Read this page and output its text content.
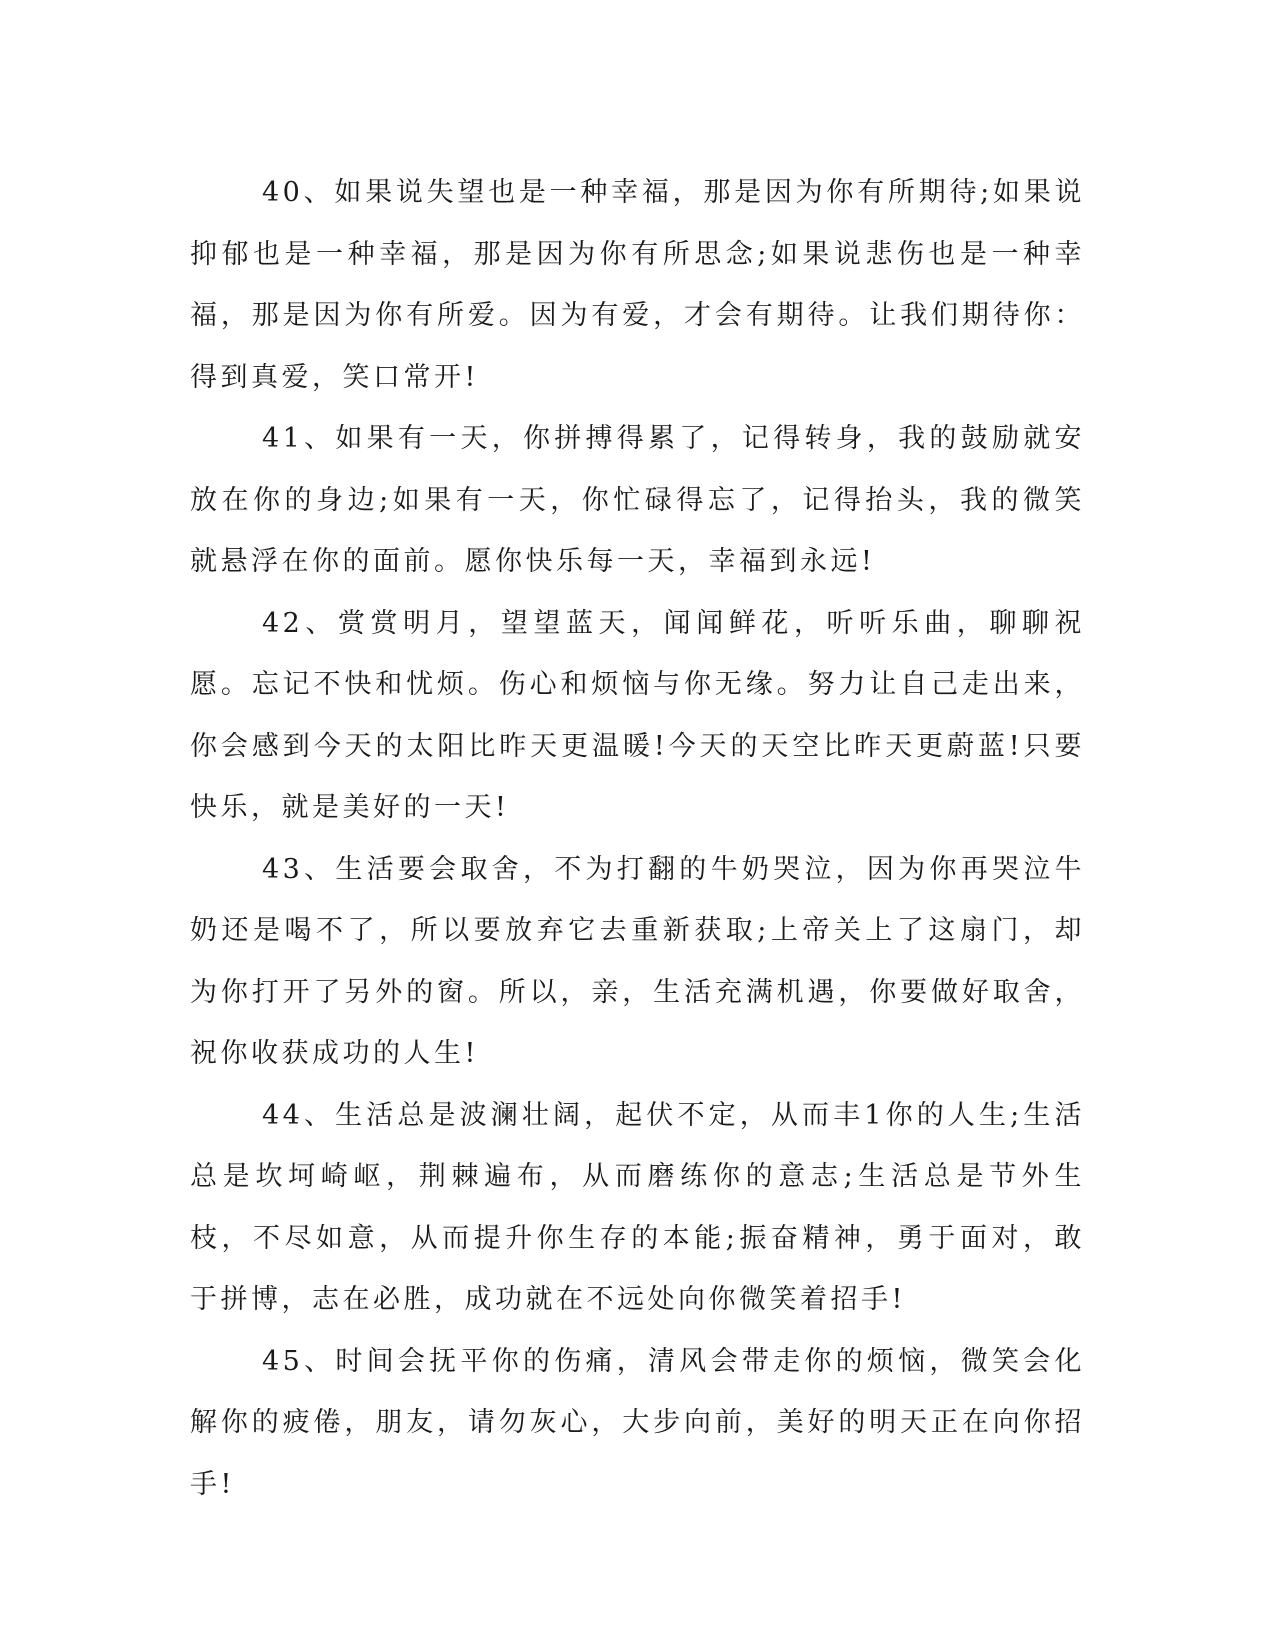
40、如果说失望也是一种幸福，那是因为你有所期待;如果说抑郁也是一种幸福，那是因为你有所思念;如果说悲伤也是一种幸福，那是因为你有所爱。因为有爱，才会有期待。让我们期待你：得到真爱，笑口常开!

41、如果有一天，你拼搏得累了，记得转身，我的鼓励就安放在你的身边;如果有一天，你忙碌得忘了，记得抬头，我的微笑就悬浮在你的面前。愿你快乐每一天，幸福到永远!

42、赏赏明月，望望蓝天，闻闻鲜花，听听乐曲，聊聊祝愿。忘记不快和忧烦。伤心和烦恼与你无缘。努力让自己走出来，你会感到今天的太阳比昨天更温暖!今天的天空比昨天更蔚蓝!只要快乐，就是美好的一天!

43、生活要会取舍，不为打翻的牛奶哭泣，因为你再哭泣牛奶还是喝不了，所以要放弃它去重新获取;上帝关上了这扇门，却为你打开了另外的窗。所以，亲，生活充满机遇，你要做好取舍，祝你收获成功的人生!

44、生活总是波澜壮阔，起伏不定，从而丰1你的人生;生活总是坎坷崎岖，荆棘遍布，从而磨练你的意志;生活总是节外生枝，不尽如意，从而提升你生存的本能;振奋精神，勇于面对，敢于拼博，志在必胜，成功就在不远处向你微笑着招手!

45、时间会抚平你的伤痛，清风会带走你的烦恼，微笑会化解你的疲倦，朋友，请勿灰心，大步向前，美好的明天正在向你招手!
